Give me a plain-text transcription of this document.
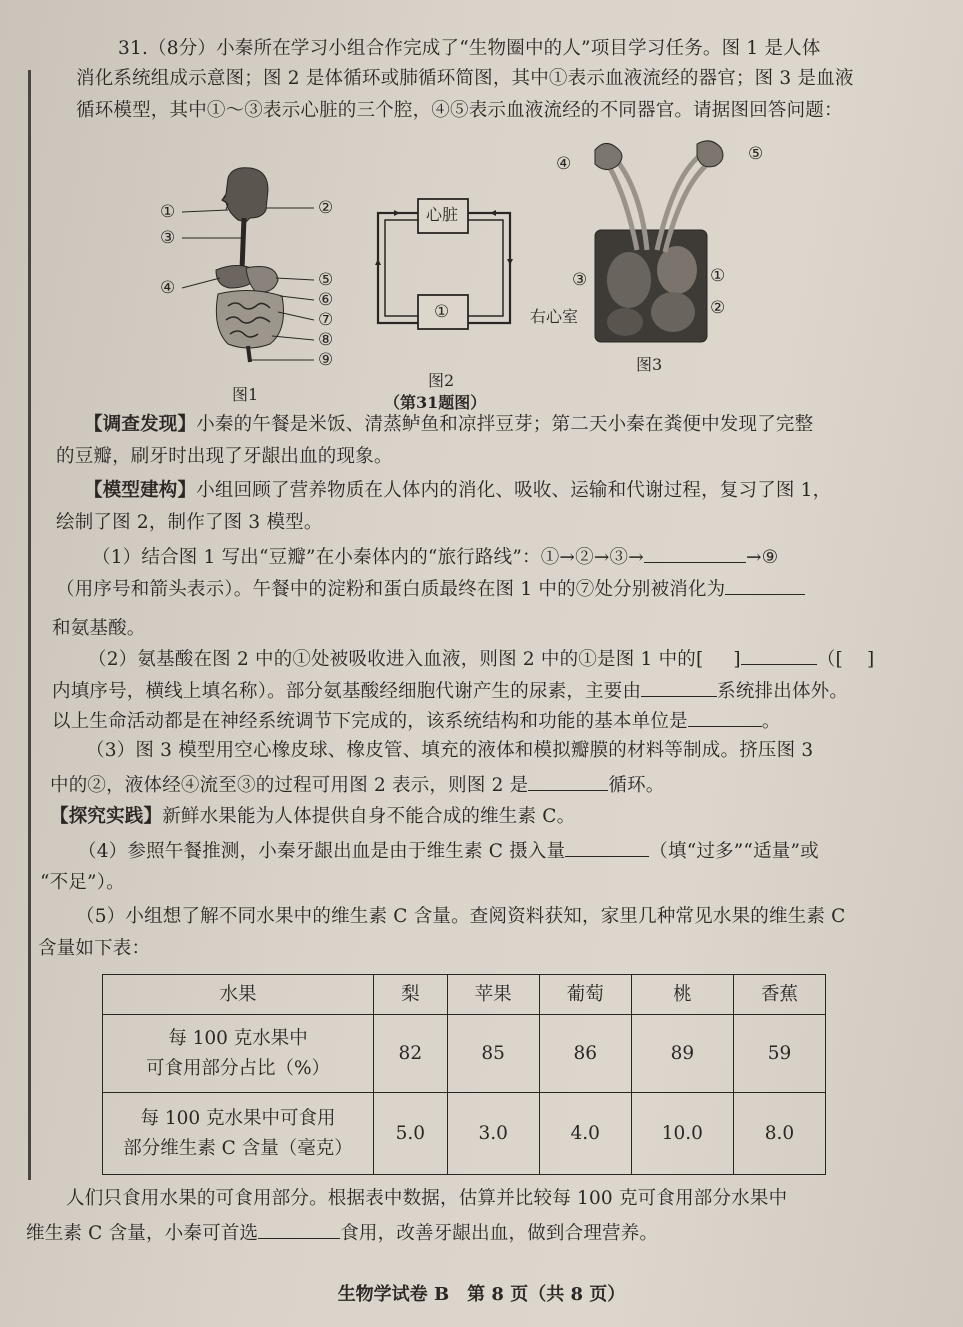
31.（8分）小秦所在学习小组合作完成了“生物圈中的人”项目学习任务。图 1 是人体
消化系统组成示意图；图 2 是体循环或肺循环简图，其中①表示血液流经的器官；图 3 是血液
循环模型，其中①～③表示心脏的三个腔，④⑤表示血液流经的不同器官。请据图回答问题：
①	②
③
④	⑤
⑥
⑦
⑧
⑨
图1
心脏
①
图2
④	⑤
③	①
②
右心室
图3
（第31题图）
【调查发现】小秦的午餐是米饭、清蒸鲈鱼和凉拌豆芽；第二天小秦在粪便中发现了完整
的豆瓣，刷牙时出现了牙龈出血的现象。
【模型建构】小组回顾了营养物质在人体内的消化、吸收、运输和代谢过程，复习了图 1，
绘制了图 2，制作了图 3 模型。
（1）结合图 1 写出“豆瓣”在小秦体内的“旅行路线”：①→②→③→	→⑨
（用序号和箭头表示）。午餐中的淀粉和蛋白质最终在图 1 中的⑦处分别被消化为
和氨基酸。
（2）氨基酸在图 2 中的①处被吸收进入血液，则图 2 中的①是图 1 中的[ ]	（[ ]
内填序号，横线上填名称）。部分氨基酸经细胞代谢产生的尿素，主要由	系统排出体外。
以上生命活动都是在神经系统调节下完成的，该系统结构和功能的基本单位是	。
（3）图 3 模型用空心橡皮球、橡皮管、填充的液体和模拟瓣膜的材料等制成。挤压图 3
中的②，液体经④流至③的过程可用图 2 表示，则图 2 是	循环。
【探究实践】新鲜水果能为人体提供自身不能合成的维生素 C。
（4）参照午餐推测，小秦牙龈出血是由于维生素 C 摄入量	（填“过多”“适量”或
“不足”）。
（5）小组想了解不同水果中的维生素 C 含量。查阅资料获知，家里几种常见水果的维生素 C
含量如下表：
水果	梨	苹果	葡萄	桃	香蕉

每 100 克水果中
可食用部分占比（%）	82	85	86	89	59

每 100 克水果中可食用
部分维生素 C 含量（毫克）	5.0	3.0	4.0	10.0	8.0
人们只食用水果的可食用部分。根据表中数据，估算并比较每 100 克可食用部分水果中
维生素 C 含量，小秦可首选	食用，改善牙龈出血，做到合理营养。
生物学试卷 B　第 8 页（共 8 页）
